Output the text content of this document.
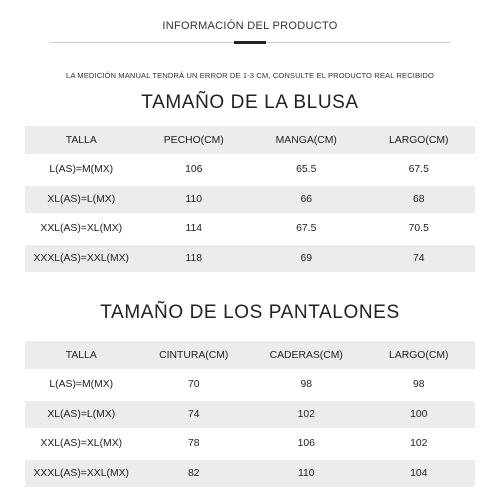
INFORMACIÓN DEL PRODUCTO
LA MEDICIÓN MANUAL TENDRÁ UN ERROR DE 1-3 CM, CONSULTE EL PRODUCTO REAL RECIBIDO
TAMAÑO DE LA BLUSA
TALLA	PECHO(CM)	MANGA(CM)	LARGO(CM)
L(AS)=M(MX)	106	65.5	67.5
XL(AS)=L(MX)	110	66	68
XXL(AS)=XL(MX)	114	67.5	70.5
XXXL(AS)=XXL(MX)	118	69	74
TAMAÑO DE LOS PANTALONES
TALLA	CINTURA(CM)	CADERAS(CM)	LARGO(CM)
L(AS)=M(MX)	70	98	98
XL(AS)=L(MX)	74	102	100
XXL(AS)=XL(MX)	78	106	102
XXXL(AS)=XXL(MX)	82	110	104
